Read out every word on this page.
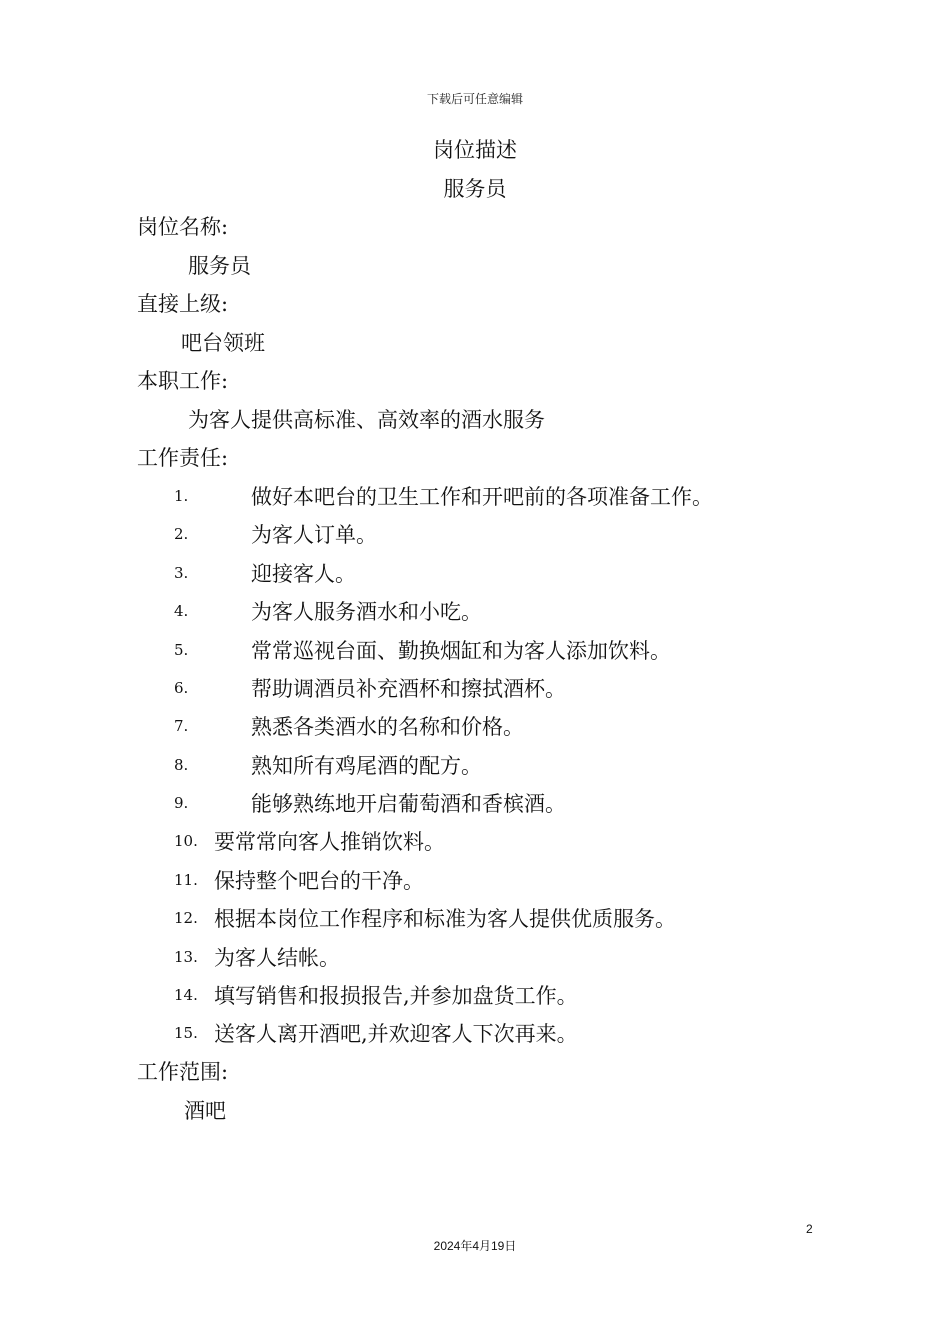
下载后可任意编辑
岗位描述
服务员
岗位名称:
服务员
直接上级:
吧台领班
本职工作:
为客人提供高标准、高效率的酒水服务
工作责任:
1.	做好本吧台的卫生工作和开吧前的各项准备工作。
2.	为客人订单。
3.	迎接客人。
4.	为客人服务酒水和小吃。
5.	常常巡视台面、勤换烟缸和为客人添加饮料。
6.	帮助调酒员补充酒杯和擦拭酒杯。
7.	熟悉各类酒水的名称和价格。
8.	熟知所有鸡尾酒的配方。
9.	能够熟练地开启葡萄酒和香槟酒。
10. 要常常向客人推销饮料。
11. 保持整个吧台的干净。
12. 根据本岗位工作程序和标准为客人提供优质服务。
13. 为客人结帐。
14. 填写销售和报损报告,并参加盘货工作。
15. 送客人离开酒吧,并欢迎客人下次再来。
工作范围:
酒吧
2
2024年4月19日
